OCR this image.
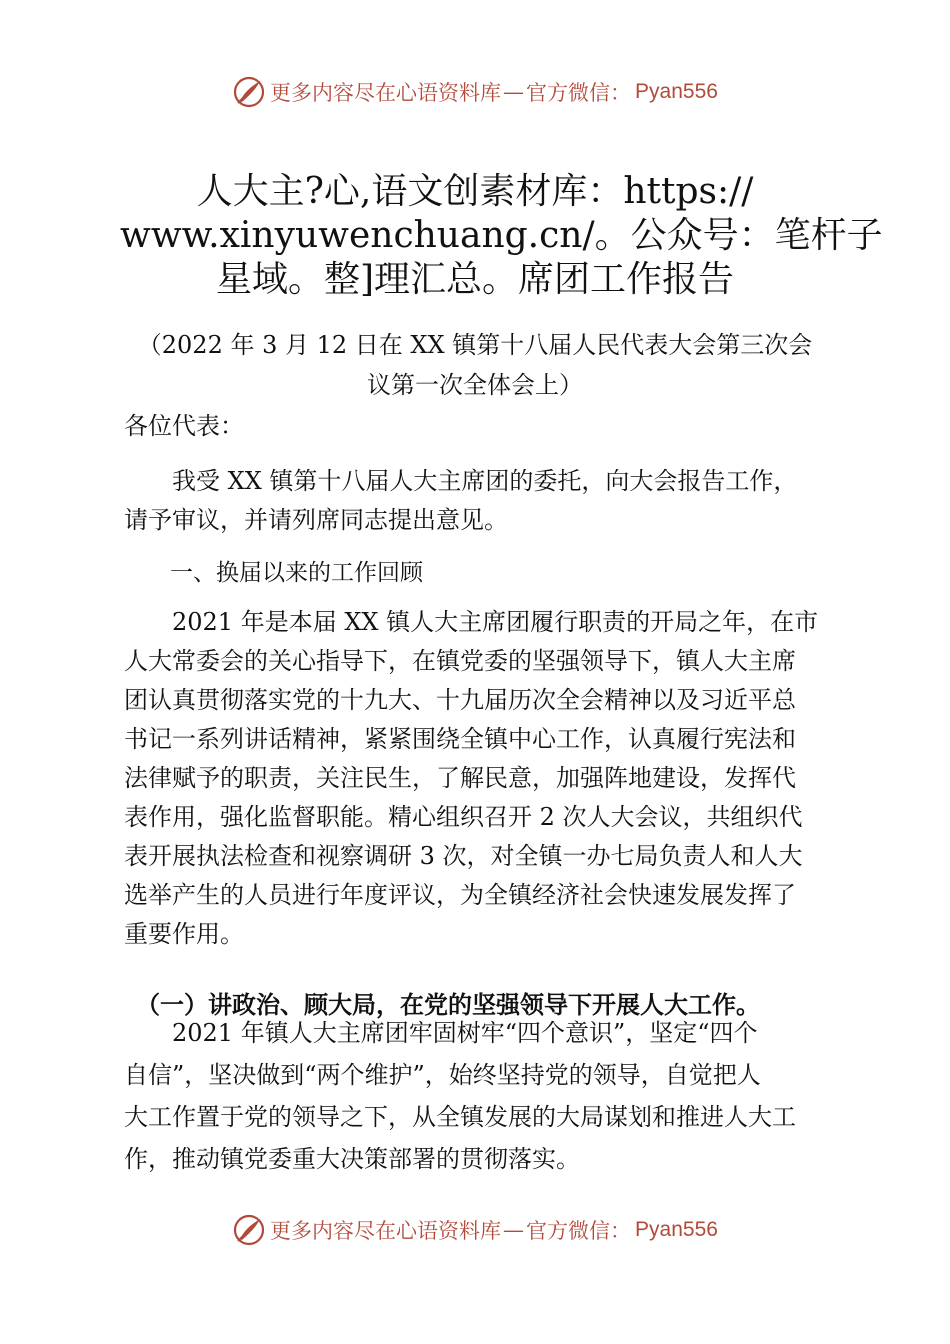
更多内容尽在心语资料库 — 官方微信： Pyan556
人大主?心,语文创素材库：https://
www.xinyuwenchuang.cn/。公众号：笔杆子
星域。整]理汇总。席团工作报告
（2022 年 3 月 12 日在 XX 镇第十八届人民代表大会第三次会
议第一次全体会上）
各位代表：
　　我受 XX 镇第十八届人大主席团的委托，向大会报告工作，
请予审议，并请列席同志提出意见。
　　一、换届以来的工作回顾
　　2021 年是本届 XX 镇人大主席团履行职责的开局之年，在市
人大常委会的关心指导下，在镇党委的坚强领导下，镇人大主席
团认真贯彻落实党的十九大、十九届历次全会精神以及习近平总
书记一系列讲话精神，紧紧围绕全镇中心工作，认真履行宪法和
法律赋予的职责，关注民生，了解民意，加强阵地建设，发挥代
表作用，强化监督职能。精心组织召开 2 次人大会议，共组织代
表开展执法检查和视察调研 3 次，对全镇一办七局负责人和人大
选举产生的人员进行年度评议，为全镇经济社会快速发展发挥了
重要作用。
　（一）讲政治、顾大局，在党的坚强领导下开展人大工作。
　　2021 年镇人大主席团牢固树牢“四个意识”，坚定“四个
自信”，坚决做到“两个维护”，始终坚持党的领导，自觉把人
大工作置于党的领导之下，从全镇发展的大局谋划和推进人大工
作，推动镇党委重大决策部署的贯彻落实。
更多内容尽在心语资料库 — 官方微信： Pyan556
